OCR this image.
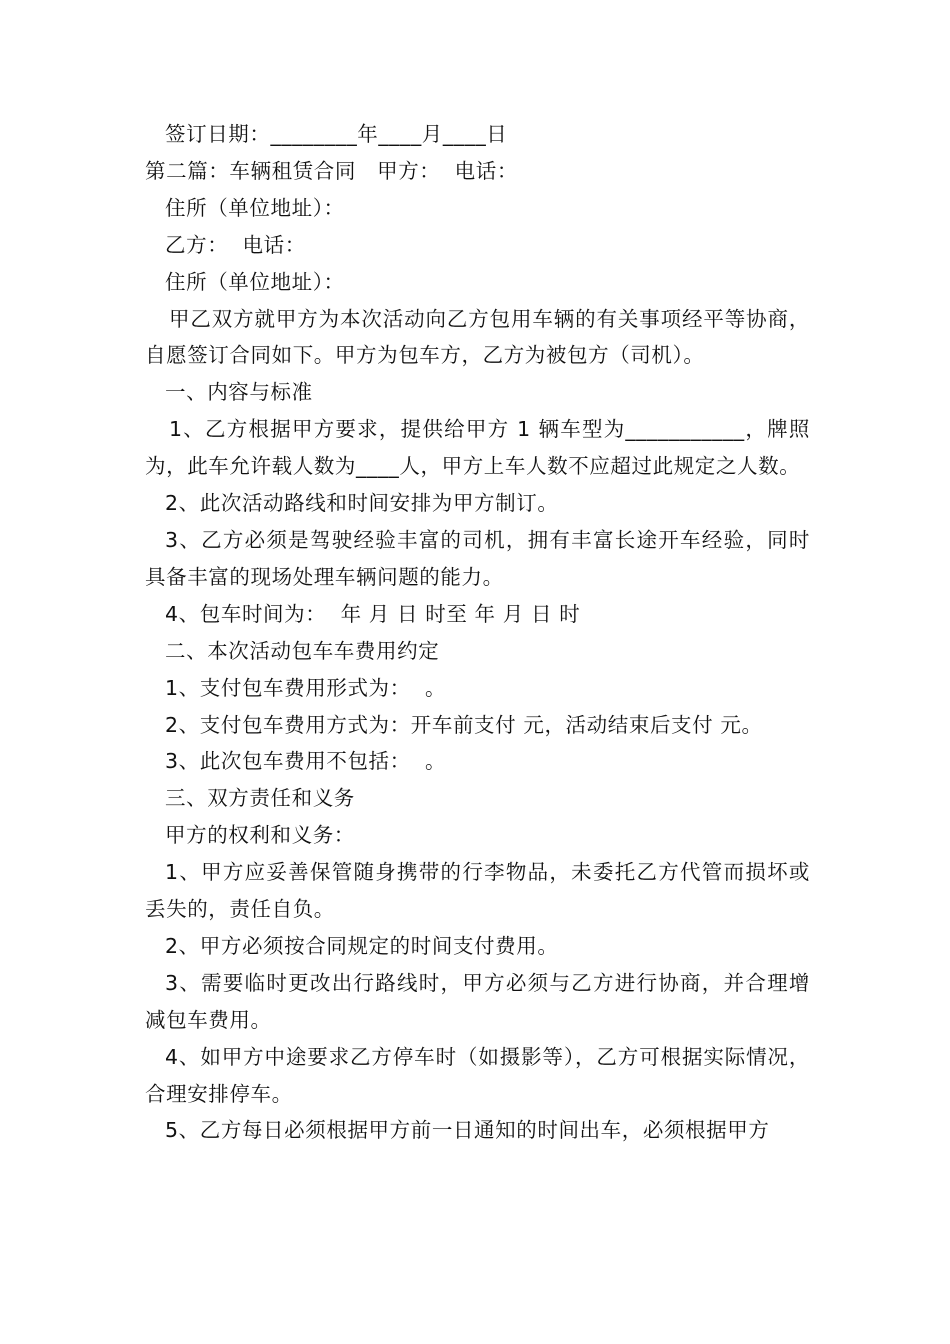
签订日期：________年____月____日

第二篇：车辆租赁合同　甲方：  电话：

住所（单位地址）：

乙方：  电话：

住所（单位地址）：

甲乙双方就甲方为本次活动向乙方包用车辆的有关事项经平等协商，自愿签订合同如下。甲方为包车方，乙方为被包方（司机）。

一、内容与标准

1、乙方根据甲方要求，提供给甲方 1 辆车型为___________，牌照为，此车允许载人数为____人，甲方上车人数不应超过此规定之人数。

2、此次活动路线和时间安排为甲方制订。

3、乙方必须是驾驶经验丰富的司机，拥有丰富长途开车经验，同时具备丰富的现场处理车辆问题的能力。

4、包车时间为：  年 月 日 时至 年 月 日 时

二、本次活动包车车费用约定

1、支付包车费用形式为：  。

2、支付包车费用方式为：开车前支付 元，活动结束后支付 元。

3、此次包车费用不包括：  。

三、双方责任和义务

甲方的权利和义务：

1、甲方应妥善保管随身携带的行李物品，未委托乙方代管而损坏或丢失的，责任自负。

2、甲方必须按合同规定的时间支付费用。

3、需要临时更改出行路线时，甲方必须与乙方进行协商，并合理增减包车费用。

4、如甲方中途要求乙方停车时（如摄影等），乙方可根据实际情况，合理安排停车。

5、乙方每日必须根据甲方前一日通知的时间出车，必须根据甲方
